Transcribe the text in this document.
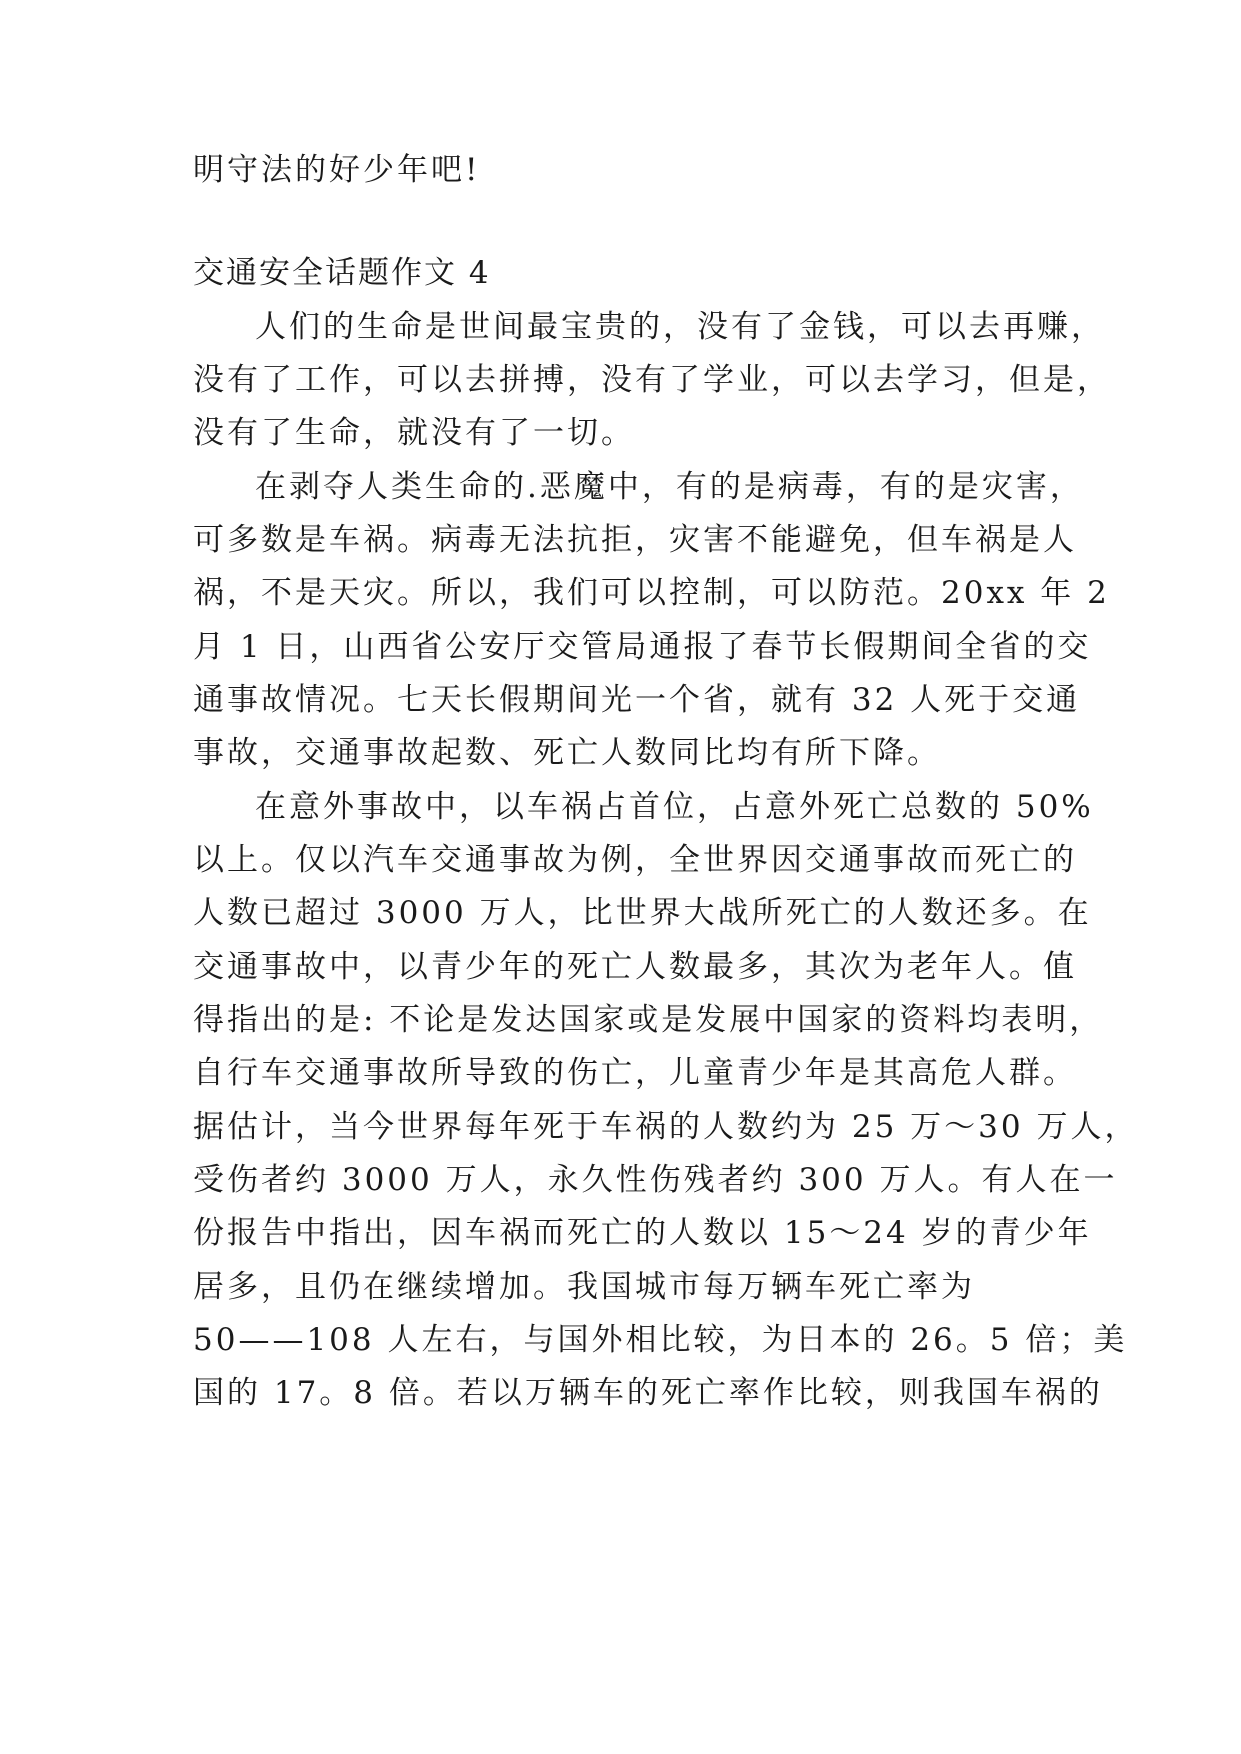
明守法的好少年吧!
交通安全话题作文 4
人们的生命是世间最宝贵的，没有了金钱，可以去再赚，
没有了工作，可以去拼搏，没有了学业，可以去学习，但是，
没有了生命，就没有了一切。
在剥夺人类生命的.恶魔中，有的是病毒，有的是灾害，
可多数是车祸。病毒无法抗拒，灾害不能避免，但车祸是人
祸，不是天灾。所以，我们可以控制，可以防范。20xx 年 2
月 1 日，山西省公安厅交管局通报了春节长假期间全省的交
通事故情况。七天长假期间光一个省，就有 32 人死于交通
事故，交通事故起数、死亡人数同比均有所下降。
在意外事故中，以车祸占首位，占意外死亡总数的 50%
以上。仅以汽车交通事故为例，全世界因交通事故而死亡的
人数已超过 3000 万人，比世界大战所死亡的人数还多。在
交通事故中，以青少年的死亡人数最多，其次为老年人。值
得指出的是: 不论是发达国家或是发展中国家的资料均表明，
自行车交通事故所导致的伤亡，儿童青少年是其高危人群。
据估计，当今世界每年死于车祸的人数约为 25 万～30 万人，
受伤者约 3000 万人，永久性伤残者约 300 万人。有人在一
份报告中指出，因车祸而死亡的人数以 15～24 岁的青少年
居多，且仍在继续增加。我国城市每万辆车死亡率为
50——108 人左右，与国外相比较，为日本的 26。5 倍；美
国的 17。8 倍。若以万辆车的死亡率作比较，则我国车祸的
